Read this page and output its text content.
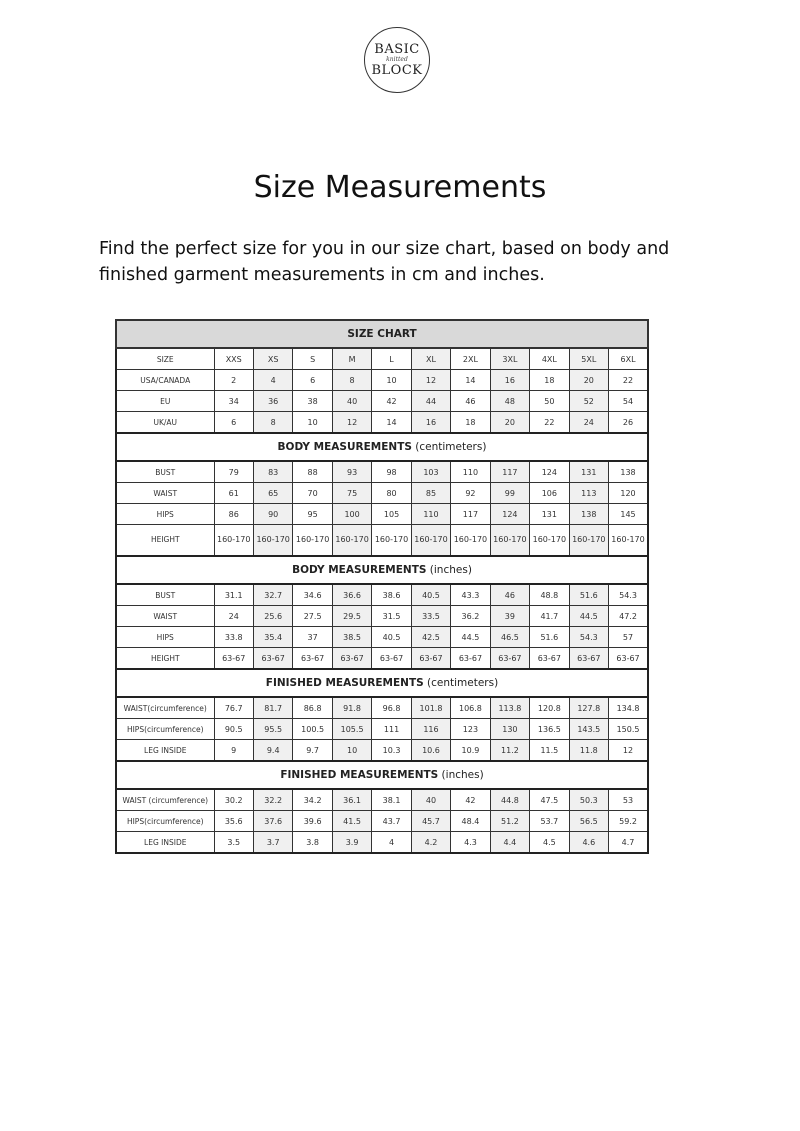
BASIC
knitted
BLOCK
Size Measurements

Find the perfect size for you in our size chart, based on body and finished garment measurements in cm and inches.

SIZE CHART											
SIZE	XXS	XS	S	M	L	XL	2XL	3XL	4XL	5XL	6XL
USA/CANADA	2	4	6	8	10	12	14	16	18	20	22
EU	34	36	38	40	42	44	46	48	50	52	54
UK/AU	6	8	10	12	14	16	18	20	22	24	26
BODY MEASUREMENTS (centimeters)											
BUST	79	83	88	93	98	103	110	117	124	131	138
WAIST	61	65	70	75	80	85	92	99	106	113	120
HIPS	86	90	95	100	105	110	117	124	131	138	145
HEIGHT	160-170	160-170	160-170	160-170	160-170	160-170	160-170	160-170	160-170	160-170	160-170
BODY MEASUREMENTS (inches)											
BUST	31.1	32.7	34.6	36.6	38.6	40.5	43.3	46	48.8	51.6	54.3
WAIST	24	25.6	27.5	29.5	31.5	33.5	36.2	39	41.7	44.5	47.2
HIPS	33.8	35.4	37	38.5	40.5	42.5	44.5	46.5	51.6	54.3	57
HEIGHT	63-67	63-67	63-67	63-67	63-67	63-67	63-67	63-67	63-67	63-67	63-67
FINISHED MEASUREMENTS (centimeters)											
WAIST(circumference)	76.7	81.7	86.8	91.8	96.8	101.8	106.8	113.8	120.8	127.8	134.8
HIPS(circumference)	90.5	95.5	100.5	105.5	111	116	123	130	136.5	143.5	150.5
LEG INSIDE	9	9.4	9.7	10	10.3	10.6	10.9	11.2	11.5	11.8	12
FINISHED MEASUREMENTS (inches)											
WAIST (circumference)	30.2	32.2	34.2	36.1	38.1	40	42	44.8	47.5	50.3	53
HIPS(circumference)	35.6	37.6	39.6	41.5	43.7	45.7	48.4	51.2	53.7	56.5	59.2
LEG INSIDE	3.5	3.7	3.8	3.9	4	4.2	4.3	4.4	4.5	4.6	4.7
